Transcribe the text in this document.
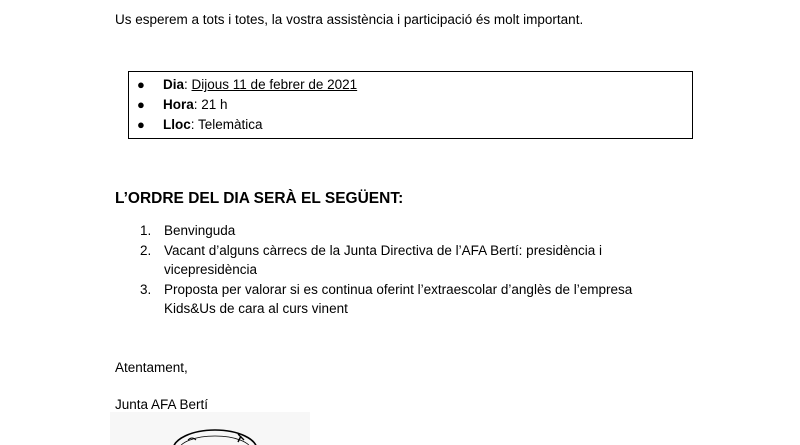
Us esperem a tots i totes, la vostra assistència i participació és molt important.
● Dia: Dijous 11 de febrer de 2021
● Hora: 21 h
● Lloc: Telemàtica
L’ORDRE DEL DIA SERÀ EL SEGÜENT:
1. Benvinguda
2. Vacant d’alguns càrrecs de la Junta Directiva de l’AFA Bertí: presidència i
vicepresidència
3. Proposta per valorar si es continua oferint l’extraescolar d’anglès de l’empresa
Kids&Us de cara al curs vinent
Atentament,
Junta AFA Bertí
